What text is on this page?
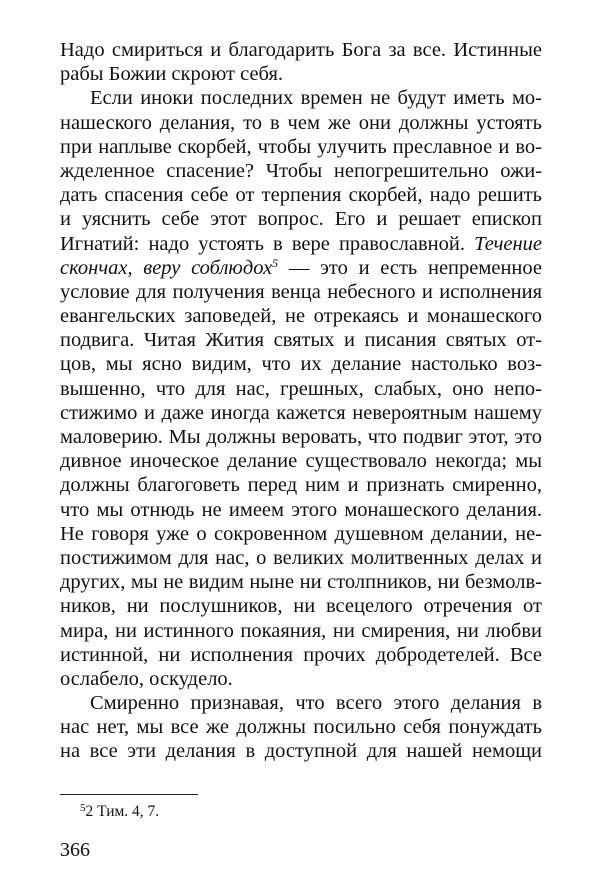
Надо смириться и благодарить Бога за все. Истинные
рабы Божии скроют себя.
Если иноки последних времен не будут иметь мо-
нашеского делания, то в чем же они должны устоять
при наплыве скорбей, чтобы улучить преславное и во-
жделенное спасение? Чтобы непогрешительно ожи-
дать спасения себе от терпения скорбей, надо решить
и уяснить себе этот вопрос. Его и решает епископ
Игнатий: надо устоять в вере православной. Течение
скончах, веру соблюдох$^5$ — это и есть непременное
условие для получения венца небесного и исполнения
евангельских заповедей, не отрекаясь и монашеского
подвига. Читая Жития святых и писания святых от-
цов, мы ясно видим, что их делание настолько воз-
вышенно, что для нас, грешных, слабых, оно непо-
стижимо и даже иногда кажется невероятным нашему
маловерию. Мы должны веровать, что подвиг этот, это
дивное иноческое делание существовало некогда; мы
должны благоговеть перед ним и признать смиренно,
что мы отнюдь не имеем этого монашеского делания.
Не говоря уже о сокровенном душевном делании, не-
постижимом для нас, о великих молитвенных делах и
других, мы не видим ныне ни столпников, ни безмолв-
ников, ни послушников, ни всецелого отречения от
мира, ни истинного покаяния, ни смирения, ни любви
истинной, ни исполнения прочих добродетелей. Все
ослабело, оскудело.
Смиренно признавая, что всего этого делания в
нас нет, мы все же должны посильно себя понуждать
на все эти делания в доступной для нашей немощи
$^5$2 Тим. 4, 7.
366
